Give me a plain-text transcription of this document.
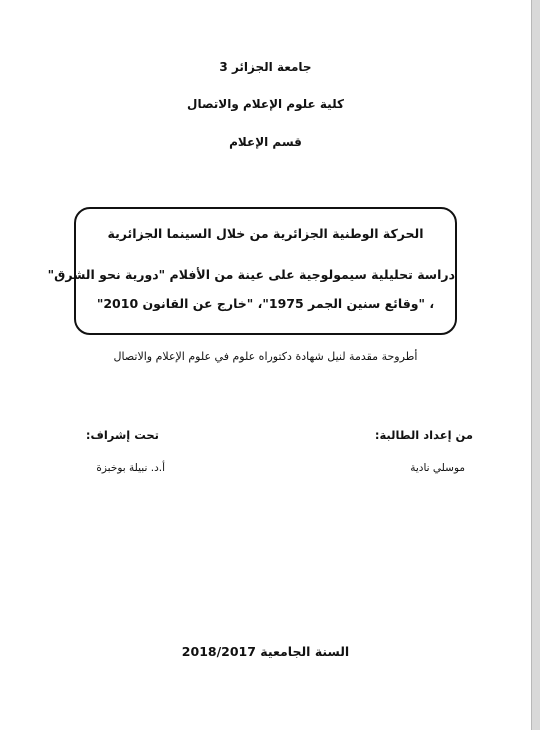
جامعة الجزائر 3
كلية علوم الإعلام والاتصال
قسم الإعلام
الحركة الوطنية الجزائرية من خلال السينما الجزائرية
دراسة تحليلية سيمولوجية على عينة من الأفلام "دورية نحو الشرق"
، "وقائع سنين الجمر 1975"، "خارج عن القانون 2010"
أطروحة مقدمة لنيل شهادة دكتوراه علوم في علوم الإعلام والاتصال
من إعداد الطالبة:
تحت إشراف:
موسلي نادية
أ.د. نبيلة بوخبزة
السنة الجامعية 2018/2017
